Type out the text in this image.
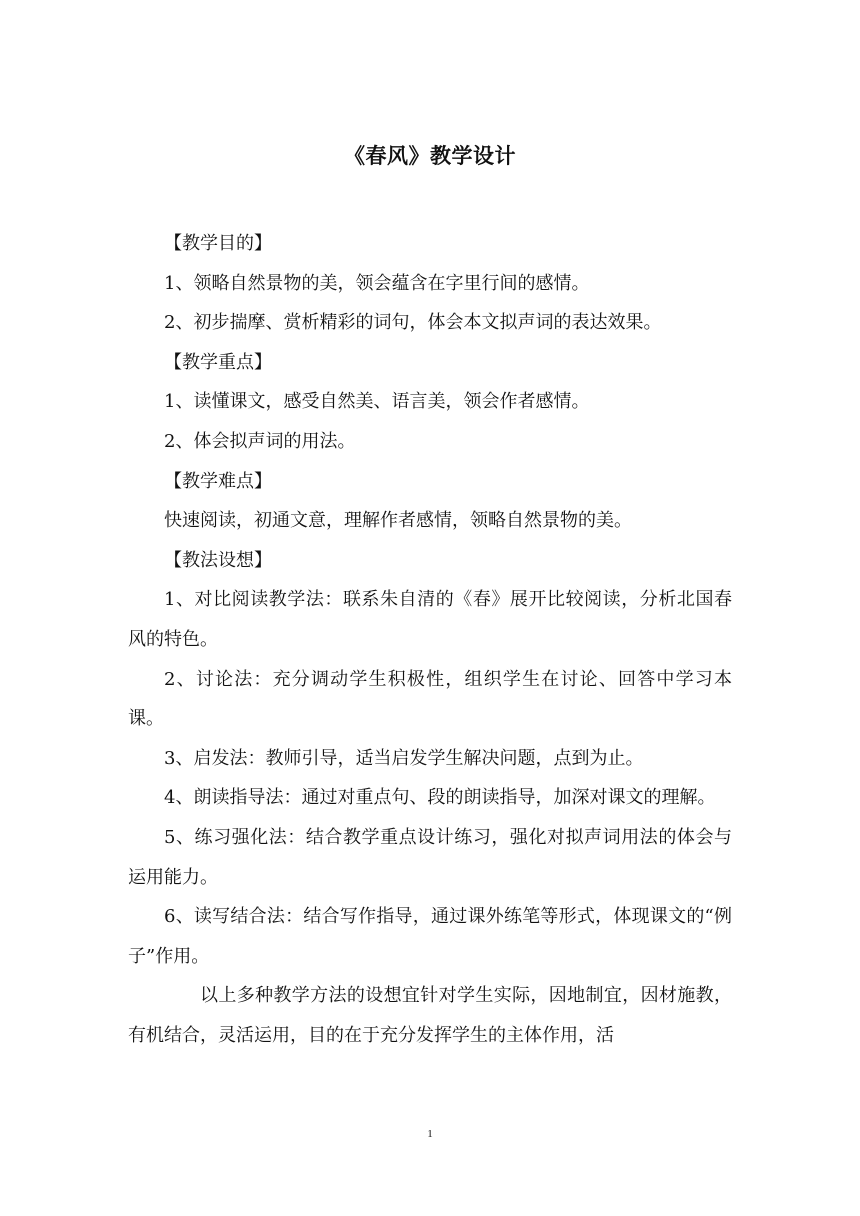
《春风》教学设计

【教学目的】

1、领略自然景物的美，领会蕴含在字里行间的感情。

2、初步揣摩、赏析精彩的词句，体会本文拟声词的表达效果。

【教学重点】

1、读懂课文，感受自然美、语言美，领会作者感情。

2、体会拟声词的用法。

【教学难点】

快速阅读，初通文意，理解作者感情，领略自然景物的美。

【教法设想】

1、对比阅读教学法：联系朱自清的《春》展开比较阅读，分析北国春风的特色。

2、讨论法：充分调动学生积极性，组织学生在讨论、回答中学习本课。

3、启发法：教师引导，适当启发学生解决问题，点到为止。

4、朗读指导法：通过对重点句、段的朗读指导，加深对课文的理解。

5、练习强化法：结合教学重点设计练习，强化对拟声词用法的体会与运用能力。

6、读写结合法：结合写作指导，通过课外练笔等形式，体现课文的“例子”作用。

以上多种教学方法的设想宜针对学生实际，因地制宜，因材施教，有机结合，灵活运用，目的在于充分发挥学生的主体作用，活

1
